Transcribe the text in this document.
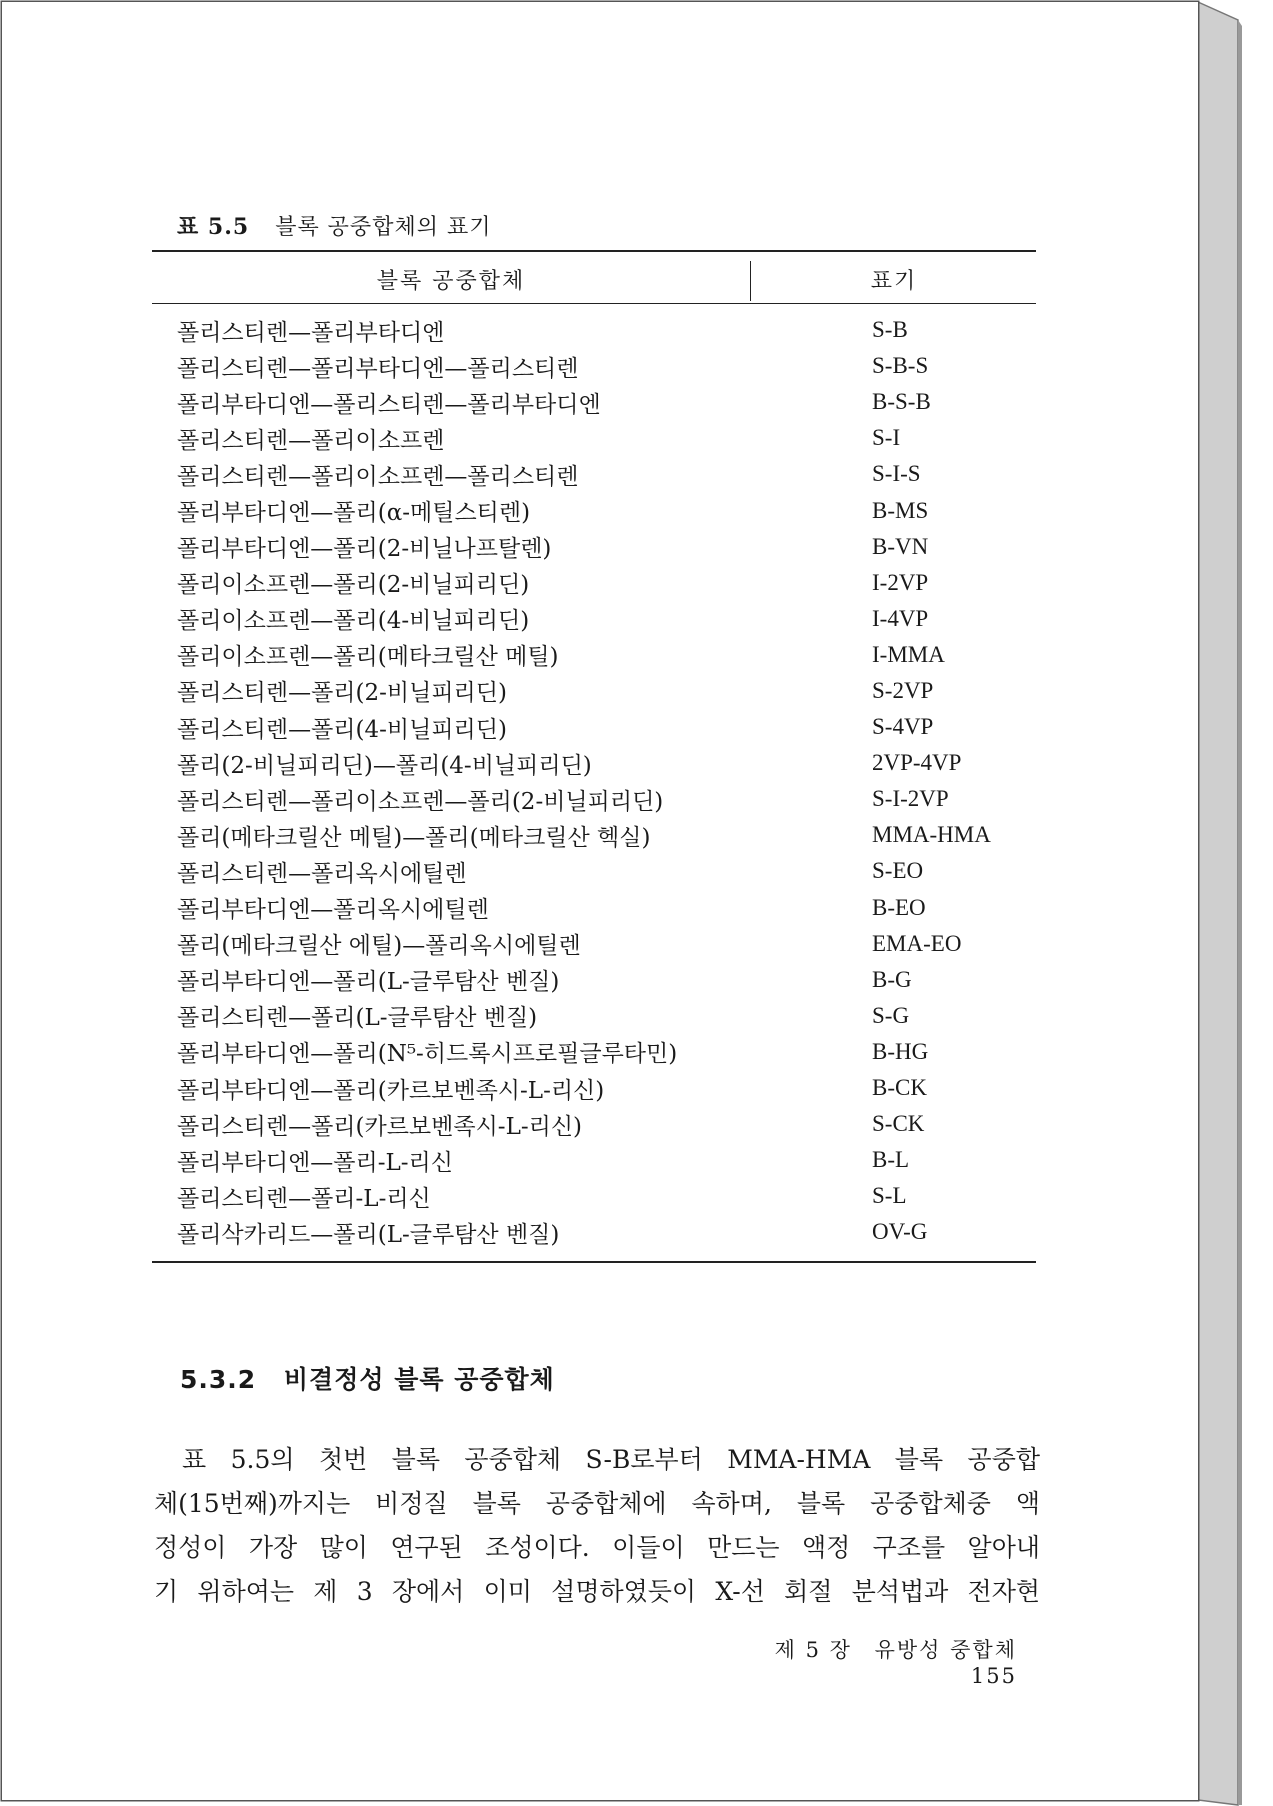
표 5.5 블록 공중합체의 표기
블록 공중합체	표기
폴리스티렌—폴리부타디엔	S-B
폴리스티렌—폴리부타디엔—폴리스티렌	S-B-S
폴리부타디엔—폴리스티렌—폴리부타디엔	B-S-B
폴리스티렌—폴리이소프렌	S-I
폴리스티렌—폴리이소프렌—폴리스티렌	S-I-S
폴리부타디엔—폴리(α-메틸스티렌)	B-MS
폴리부타디엔—폴리(2-비닐나프탈렌)	B-VN
폴리이소프렌—폴리(2-비닐피리딘)	I-2VP
폴리이소프렌—폴리(4-비닐피리딘)	I-4VP
폴리이소프렌—폴리(메타크릴산 메틸)	I-MMA
폴리스티렌—폴리(2-비닐피리딘)	S-2VP
폴리스티렌—폴리(4-비닐피리딘)	S-4VP
폴리(2-비닐피리딘)—폴리(4-비닐피리딘)	2VP-4VP
폴리스티렌—폴리이소프렌—폴리(2-비닐피리딘)	S-I-2VP
폴리(메타크릴산 메틸)—폴리(메타크릴산 헥실)	MMA-HMA
폴리스티렌—폴리옥시에틸렌	S-EO
폴리부타디엔—폴리옥시에틸렌	B-EO
폴리(메타크릴산 에틸)—폴리옥시에틸렌	EMA-EO
폴리부타디엔—폴리(L-글루탐산 벤질)	B-G
폴리스티렌—폴리(L-글루탐산 벤질)	S-G
폴리부타디엔—폴리(N⁵-히드록시프로필글루타민)	B-HG
폴리부타디엔—폴리(카르보벤족시-L-리신)	B-CK
폴리스티렌—폴리(카르보벤족시-L-리신)	S-CK
폴리부타디엔—폴리-L-리신	B-L
폴리스티렌—폴리-L-리신	S-L
폴리삭카리드—폴리(L-글루탐산 벤질)	OV-G
5.3.2 비결정성 블록 공중합체
표 5.5의 첫번 블록 공중합체 S-B로부터 MMA-HMA 블록 공중합
체(15번째)까지는 비정질 블록 공중합체에 속하며, 블록 공중합체중 액
정성이 가장 많이 연구된 조성이다. 이들이 만드는 액정 구조를 알아내
기 위하여는 제 3 장에서 이미 설명하였듯이 X-선 회절 분석법과 전자현
제 5 장 유방성 중합체 155
